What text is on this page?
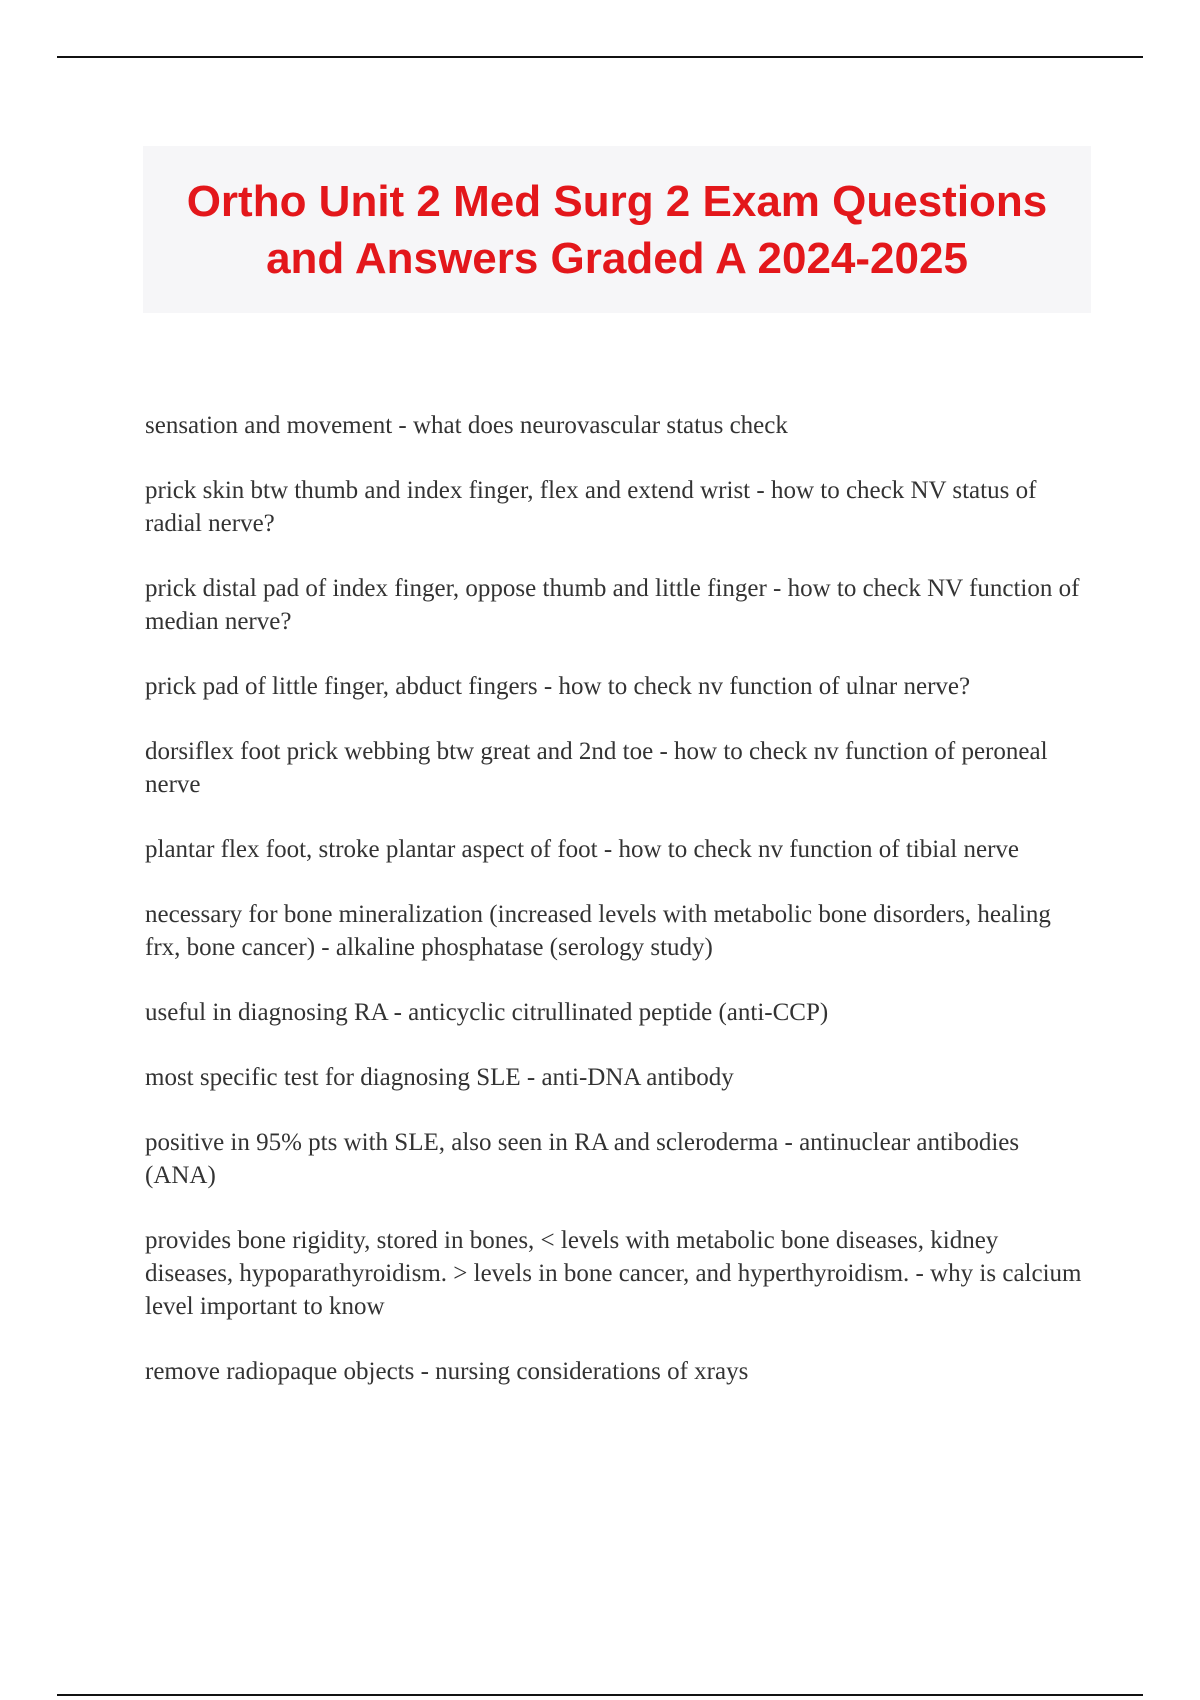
Ortho Unit 2 Med Surg 2 Exam Questions and Answers Graded A 2024-2025
sensation and movement - what does neurovascular status check
prick skin btw thumb and index finger, flex and extend wrist - how to check NV status of radial nerve?
prick distal pad of index finger, oppose thumb and little finger - how to check NV function of median nerve?
prick pad of little finger, abduct fingers - how to check nv function of ulnar nerve?
dorsiflex foot prick webbing btw great and 2nd toe - how to check nv function of peroneal nerve
plantar flex foot, stroke plantar aspect of foot - how to check nv function of tibial nerve
necessary for bone mineralization (increased levels with metabolic bone disorders, healing frx, bone cancer) - alkaline phosphatase (serology study)
useful in diagnosing RA - anticyclic citrullinated peptide (anti-CCP)
most specific test for diagnosing SLE - anti-DNA antibody
positive in 95% pts with SLE, also seen in RA and scleroderma - antinuclear antibodies (ANA)
provides bone rigidity, stored in bones, < levels with metabolic bone diseases, kidney diseases, hypoparathyroidism. > levels in bone cancer, and hyperthyroidism. - why is calcium level important to know
remove radiopaque objects - nursing considerations of xrays
